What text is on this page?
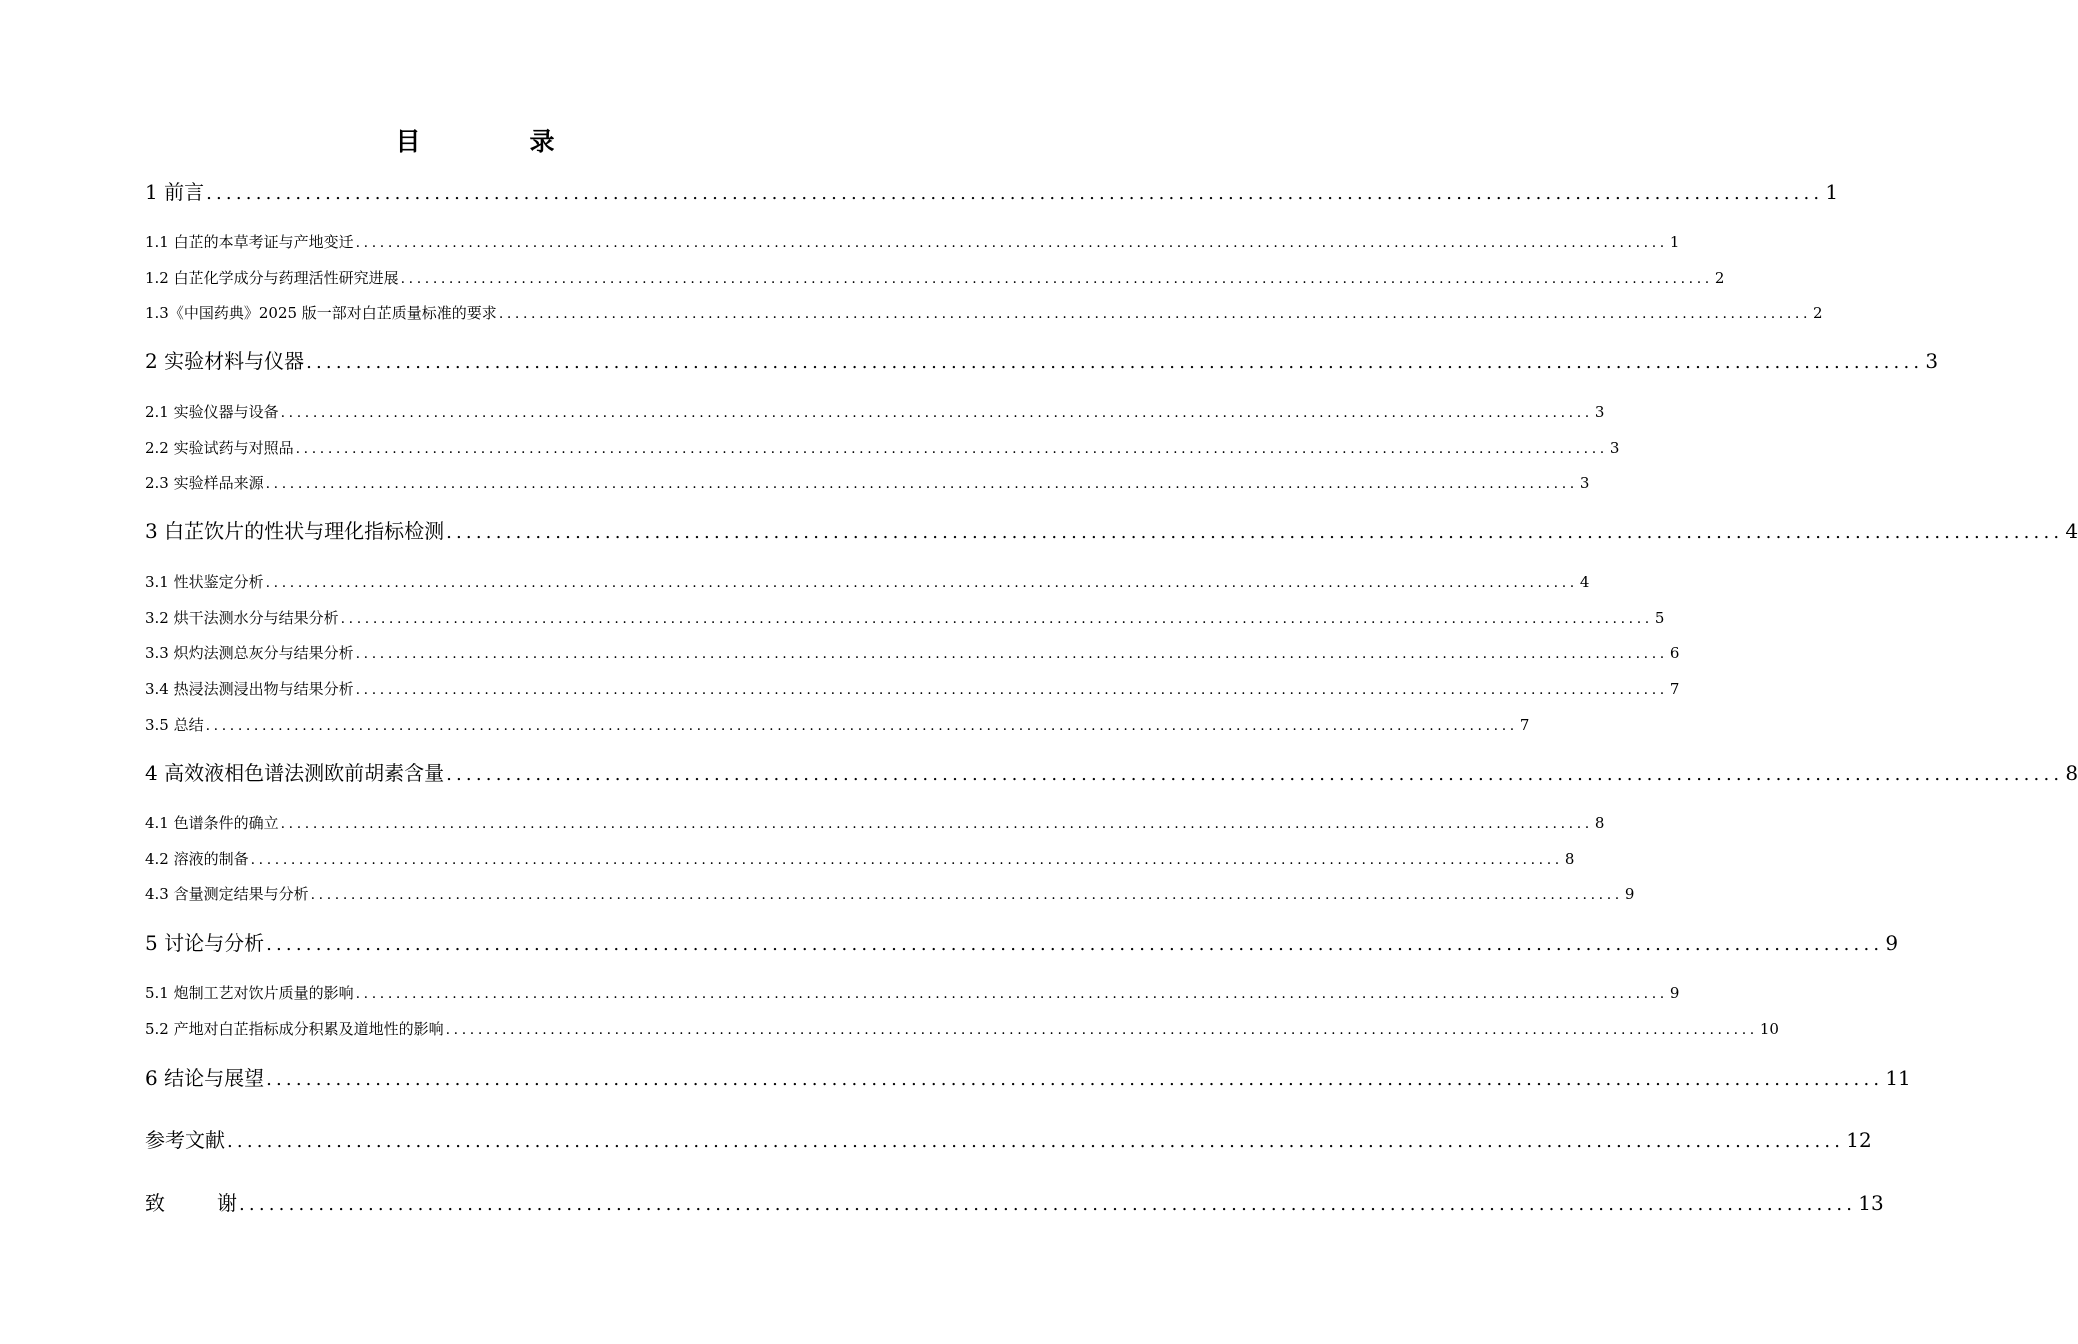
目　录
1 前言 ................................................................................................................................................................... 1
1.1 白芷的本草考证与产地变迁 ................................................................................................................................................................... 1
1.2 白芷化学成分与药理活性研究进展 ................................................................................................................................................................... 2
1.3《中国药典》2025 版一部对白芷质量标准的要求 ................................................................................................................................................................... 2
2 实验材料与仪器 ................................................................................................................................................................... 3
2.1 实验仪器与设备 ................................................................................................................................................................... 3
2.2 实验试药与对照品 ................................................................................................................................................................... 3
2.3 实验样品来源 ................................................................................................................................................................... 3
3 白芷饮片的性状与理化指标检测 ................................................................................................................................................................... 4
3.1 性状鉴定分析 ................................................................................................................................................................... 4
3.2 烘干法测水分与结果分析 ................................................................................................................................................................... 5
3.3 炽灼法测总灰分与结果分析 ................................................................................................................................................................... 6
3.4 热浸法测浸出物与结果分析 ................................................................................................................................................................... 7
3.5 总结 ................................................................................................................................................................... 7
4 高效液相色谱法测欧前胡素含量 ................................................................................................................................................................... 8
4.1 色谱条件的确立 ................................................................................................................................................................... 8
4.2 溶液的制备 ................................................................................................................................................................... 8
4.3 含量测定结果与分析 ................................................................................................................................................................... 9
5 讨论与分析 ................................................................................................................................................................... 9
5.1 炮制工艺对饮片质量的影响 ................................................................................................................................................................... 9
5.2 产地对白芷指标成分积累及道地性的影响 ................................................................................................................................................................... 10
6 结论与展望 ................................................................................................................................................................... 11
参考文献 ................................................................................................................................................................... 12
致	谢 ................................................................................................................................................................... 13
